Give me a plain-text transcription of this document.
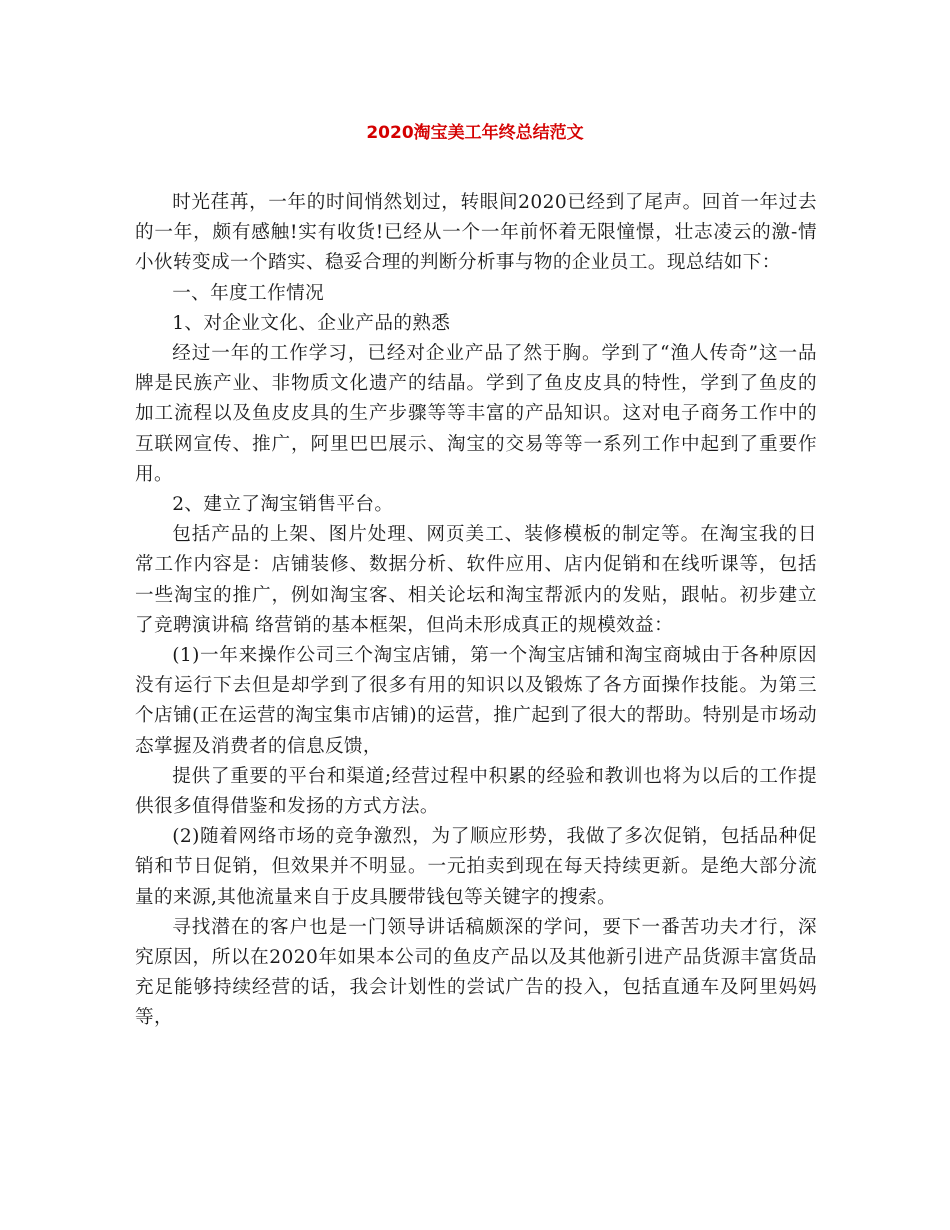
2020淘宝美工年终总结范文

时光荏苒，一年的时间悄然划过，转眼间2020已经到了尾声。回首一年过去的一年，颇有感触!实有收货!已经从一个一年前怀着无限憧憬，壮志凌云的激-情小伙转变成一个踏实、稳妥合理的判断分析事与物的企业员工。现总结如下：

一、年度工作情况

1、对企业文化、企业产品的熟悉

经过一年的工作学习，已经对企业产品了然于胸。学到了“渔人传奇”这一品牌是民族产业、非物质文化遗产的结晶。学到了鱼皮皮具的特性，学到了鱼皮的加工流程以及鱼皮皮具的生产步骤等等丰富的产品知识。这对电子商务工作中的互联网宣传、推广，阿里巴巴展示、淘宝的交易等等一系列工作中起到了重要作用。

2、建立了淘宝销售平台。

包括产品的上架、图片处理、网页美工、装修模板的制定等。在淘宝我的日常工作内容是：店铺装修、数据分析、软件应用、店内促销和在线听课等，包括一些淘宝的推广，例如淘宝客、相关论坛和淘宝帮派内的发贴，跟帖。初步建立了竞聘演讲稿 络营销的基本框架，但尚未形成真正的规模效益：

(1)一年来操作公司三个淘宝店铺，第一个淘宝店铺和淘宝商城由于各种原因没有运行下去但是却学到了很多有用的知识以及锻炼了各方面操作技能。为第三个店铺(正在运营的淘宝集市店铺)的运营，推广起到了很大的帮助。特别是市场动态掌握及消费者的信息反馈，

提供了重要的平台和渠道;经营过程中积累的经验和教训也将为以后的工作提供很多值得借鉴和发扬的方式方法。

(2)随着网络市场的竞争激烈，为了顺应形势，我做了多次促销，包括品种促销和节日促销，但效果并不明显。一元拍卖到现在每天持续更新。是绝大部分流量的来源,其他流量来自于皮具腰带钱包等关键字的搜索。

寻找潜在的客户也是一门领导讲话稿颇深的学问，要下一番苦功夫才行，深究原因，所以在2020年如果本公司的鱼皮产品以及其他新引进产品货源丰富货品充足能够持续经营的话，我会计划性的尝试广告的投入，包括直通车及阿里妈妈等，
